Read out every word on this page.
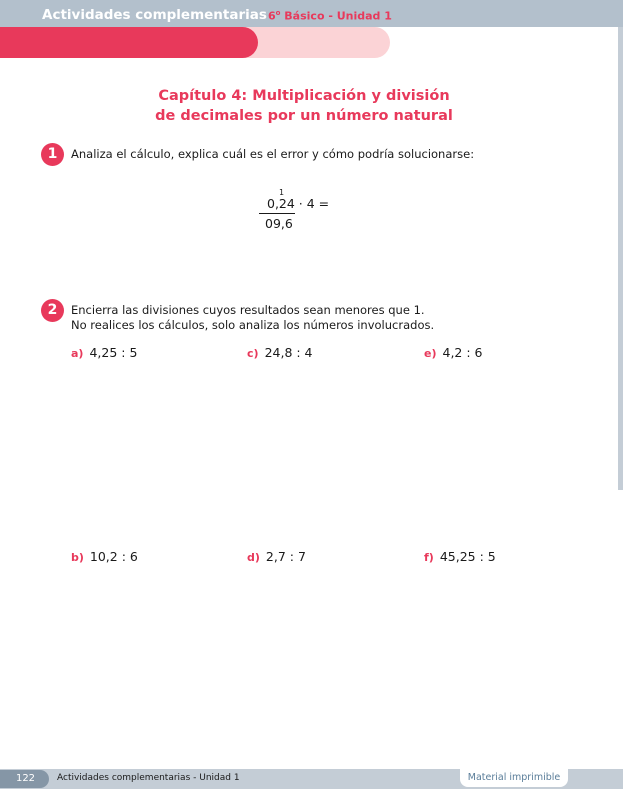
Actividades complementarias 6$^o$ Básico - Unidad 1
Capítulo 4: Multiplicación y división
de decimales por un número natural
1	Analiza el cálculo, explica cuál es el error y cómo podría solucionarse:
1
0,24 · 4 =
09,6
2	Encierra las divisiones cuyos resultados sean menores que 1.
No realices los cálculos, solo analiza los números involucrados.
a) 4,25 : 5	c) 24,8 : 4	e) 4,2 : 6
b) 10,2 : 6	d) 2,7 : 7	f) 45,25 : 5
122	Actividades complementarias - Unidad 1	Material imprimible
